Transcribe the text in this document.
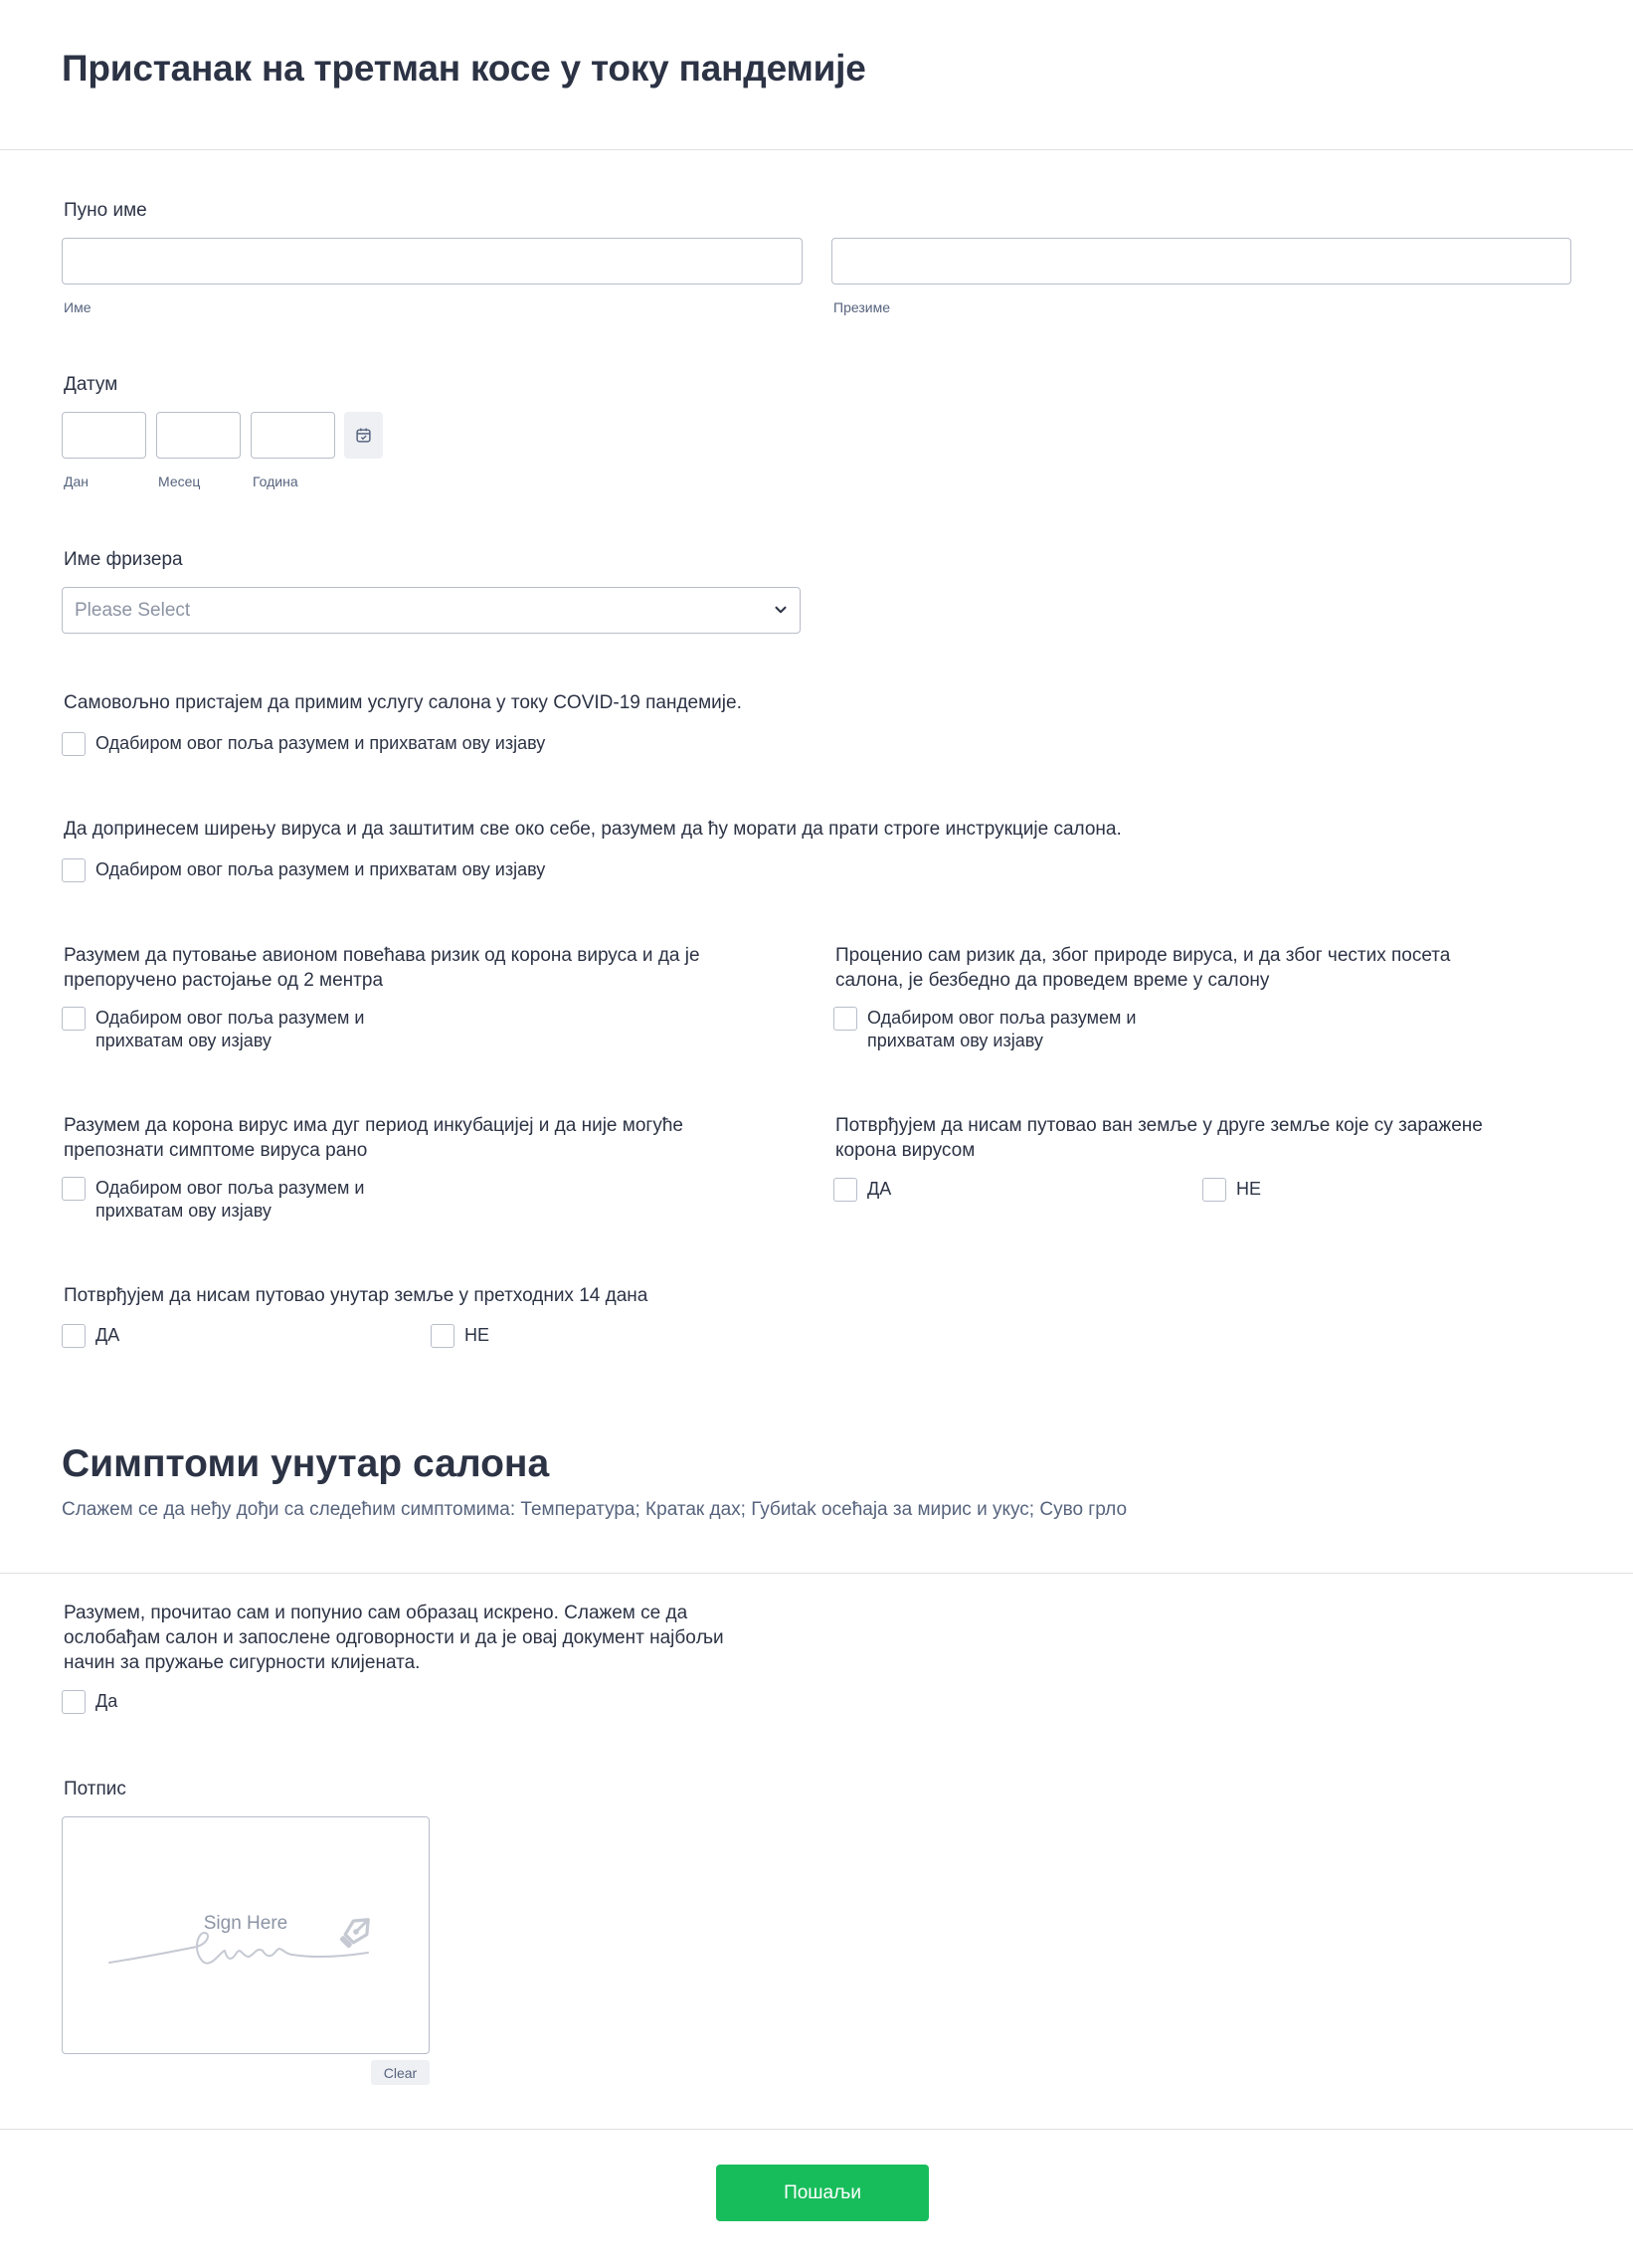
Пристанак на третман косе у току пандемије
Пуно име
Име	Презиме
Датум
Дан	Месец	Година
Име фризера
Please Select
Самовољно пристајем да примим услугу салона у току COVID-19 пандемије.
Одабиром овог поља разумем и прихватам ову изјаву
Да допринесем ширењу вируса и да заштитим све око себе, разумем да ћу морати да прати строге инструкције салона.
Одабиром овог поља разумем и прихватам ову изјаву
Разумем да путовање авионом повећава ризик од корона вируса и да је
препоручено растојање од 2 ментра
Одабиром овог поља разумем и
прихватам ову изјаву
Проценио сам ризик да, због природе вируса, и да због честих посета
салона, је безбедно да проведем време у салону
Одабиром овог поља разумем и
прихватам ову изјаву
Разумем да корона вирус има дуг период инкубацијеј и да није могуће
препознати симптоме вируса рано
Одабиром овог поља разумем и
прихватам ову изјаву
Потврђујем да нисам путовао ван земље у друге земље које су заражене
корона вирусом
ДА	НЕ
Потврђујем да нисам путовао унутар земље у претходних 14 дана
ДА	НЕ
Симптоми унутар салона
Слажем се да неђу дођи са следећим симптомима: Температура; Кратак дах; Губиtak осећаја за мирис и укус; Суво грло
Разумем, прочитао сам и попунио сам образац искрено. Слажем се да
ослобађам салон и запослене одговорности и да је овај документ најбољи
начин за пружање сигурности клијената.
Да
Потпис
Sign Here
Clear
Пошаљи
